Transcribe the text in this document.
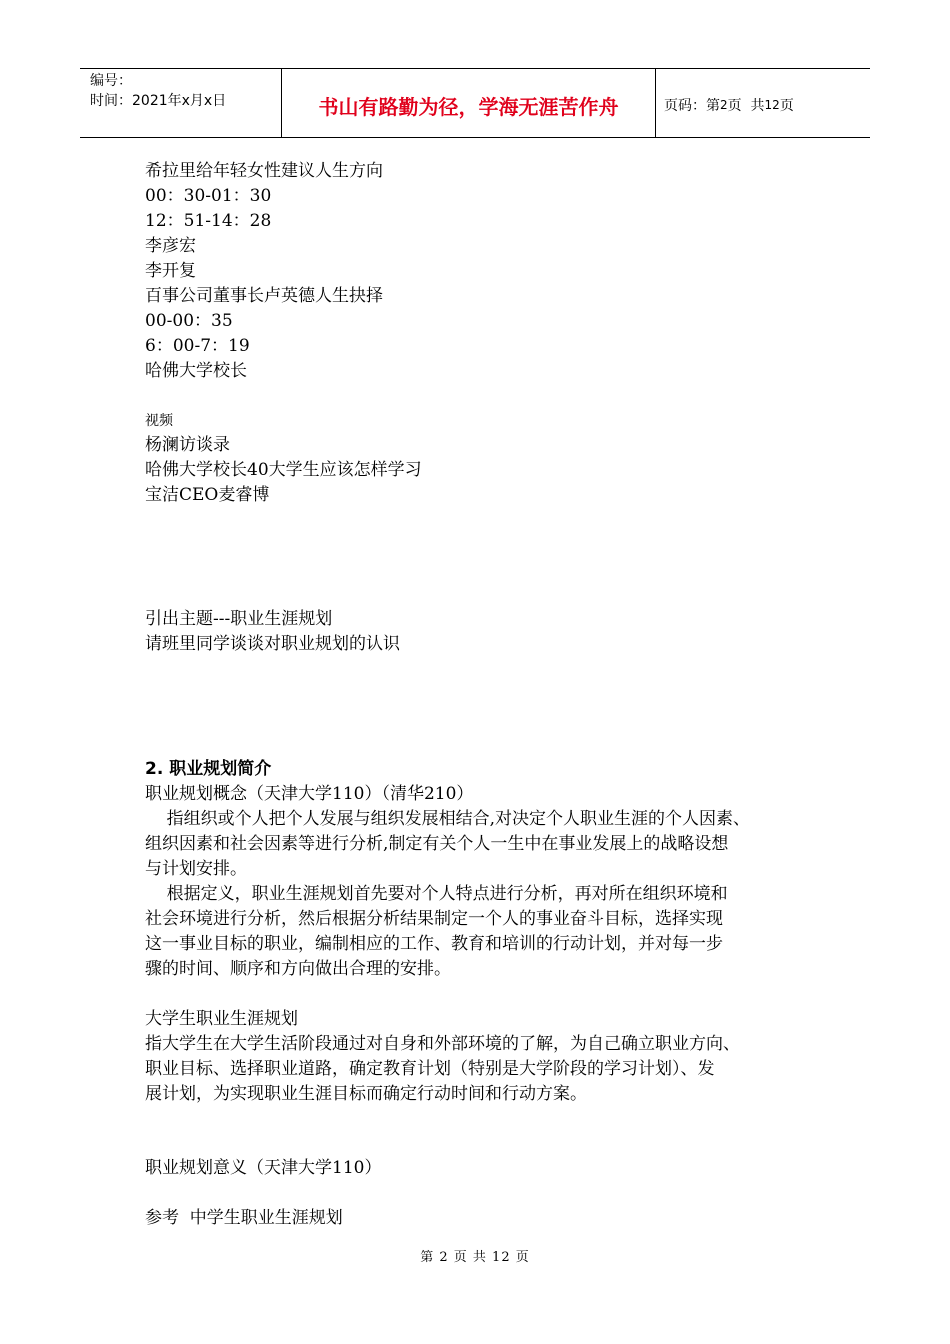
编号：
时间：2021年x月x日	书山有路勤为径，学海无涯苦作舟	页码：第 2 页  共 12 页
希拉里给年轻女性建议人生方向
00：30-01：30
12：51-14：28
李彦宏
李开复
百事公司董事长卢英德人生抉择
00-00：35
6：00-7：19
哈佛大学校长
视频
杨澜访谈录
哈佛大学校长40大学生应该怎样学习
宝洁CEO麦睿博
引出主题---职业生涯规划
请班里同学谈谈对职业规划的认识
2. 职业规划简介
职业规划概念（天津大学110）（清华210）
指组织或个人把个人发展与组织发展相结合,对决定个人职业生涯的个人因素、
组织因素和社会因素等进行分析,制定有关个人一生中在事业发展上的战略设想
与计划安排。
根据定义，职业生涯规划首先要对个人特点进行分析，再对所在组织环境和
社会环境进行分析，然后根据分析结果制定一个人的事业奋斗目标，选择实现
这一事业目标的职业，编制相应的工作、教育和培训的行动计划，并对每一步
骤的时间、顺序和方向做出合理的安排。
大学生职业生涯规划
指大学生在大学生活阶段通过对自身和外部环境的了解，为自己确立职业方向、
职业目标、选择职业道路，确定教育计划（特别是大学阶段的学习计划）、发
展计划，为实现职业生涯目标而确定行动时间和行动方案。
职业规划意义（天津大学110）
参考  中学生职业生涯规划
第 2 页 共 12 页
